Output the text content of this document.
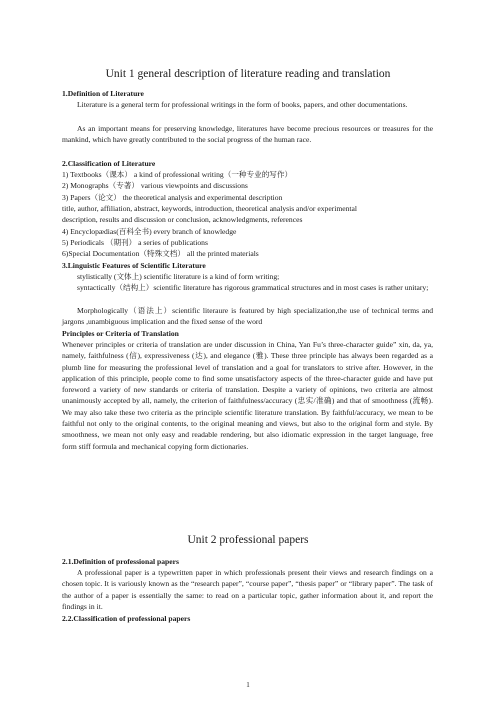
Unit 1 general description of literature reading and translation
1.Definition of Literature
Literature is a general term for professional writings in the form of books, papers, and other documentations.
As an important means for preserving knowledge, literatures have become precious resources or treasures for the mankind, which have greatly contributed to the social progress of the human race.
2.Classification of Literature
1) Textbooks（课本） a kind of professional writing（一种专业的写作）
2) Monographs（专著） various viewpoints and discussions
3) Papers（论文） the theoretical analysis and experimental description
title, author, affiliation, abstract, keywords, introduction, theoretical analysis and/or experimental
description, results and discussion or conclusion, acknowledgments, references
4) Encyclopædias(百科全书) every branch of knowledge
5) Periodicals （期刊） a series of publications
6)Special Documentation（特殊文档） all the printed materials
3.Linguistic Features of Scientific Literature
stylistically (文体上) scientific literature is a kind of form writing;
syntactically（结构上）scientific literature has rigorous grammatical structures and in most cases is rather unitary;
Morphologically（语法上）scientific literaure is featured by high specialization,the use of technical terms and jargons ,unambiguous implication and the fixed sense of the word
Principles or Criteria of Translation
Whenever principles or criteria of translation are under discussion in China, Yan Fu’s three-character guide” xin, da, ya, namely, faithfulness (信), expressiveness (达), and elegance (雅). These three principle has always been regarded as a plumb line for measuring the professional level of translation and a goal for translators to strive after. However, in the application of this principle, people come to find some unsatisfactory aspects of the three-character guide and have put foreword a variety of new standards or criteria of translation. Despite a variety of opinions, two criteria are almost unanimously accepted by all, namely, the criterion of faithfulness/accuracy (忠实/准确) and that of smoothness (流畅). We may also take these two criteria as the principle scientific literature translation. By faithful/accuracy, we mean to be faithful not only to the original contents, to the original meaning and views, but also to the original form and style. By smoothness, we mean not only easy and readable rendering, but also idiomatic expression in the target language, free form stiff formula and mechanical copying form dictionaries.
Unit 2 professional papers
2.1.Definition of professional papers
A professional paper is a typewritten paper in which professionals present their views and research findings on a chosen topic. It is variously known as the “research paper”, “course paper”, “thesis paper” or “library paper”. The task of the author of a paper is essentially the same: to read on a particular topic, gather information about it, and report the findings in it.
2.2.Classification of professional papers
1
